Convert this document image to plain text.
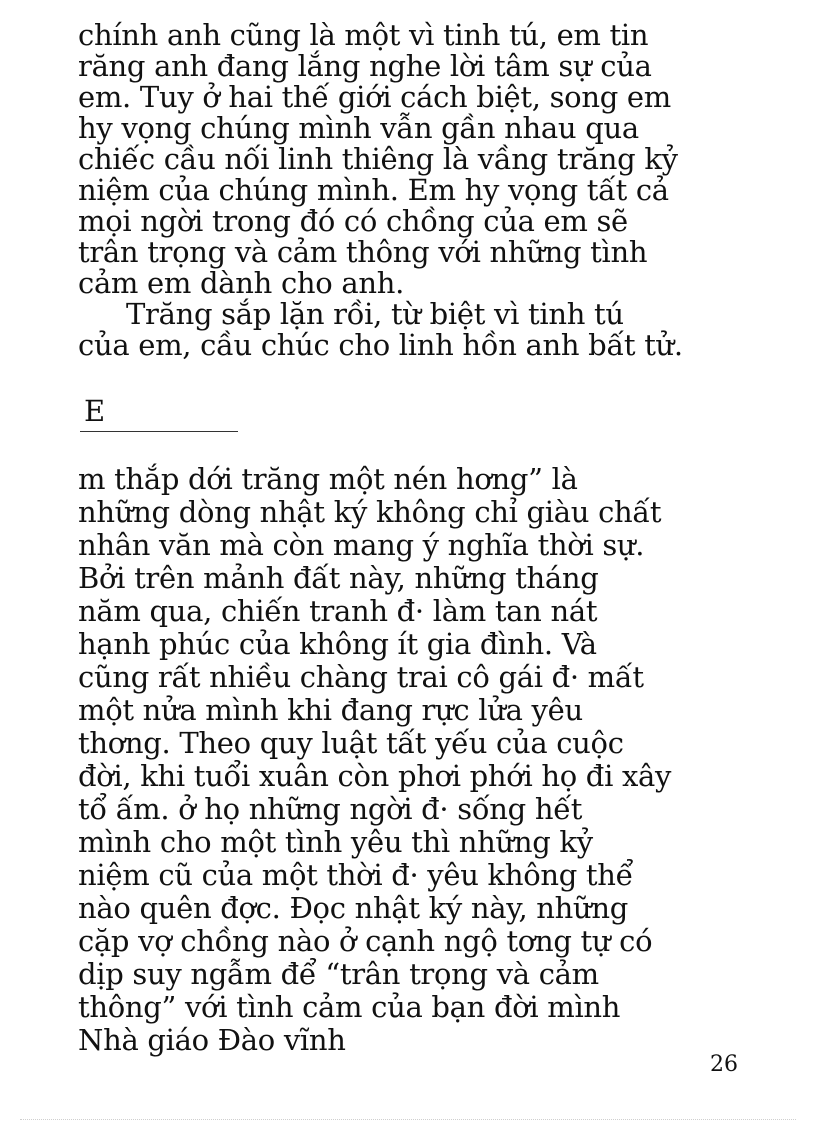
chính anh cũng là một vì tinh tú, em tin
răng anh đang lắng nghe lời tâm sự của
em. Tuy ở hai thế giới cách biệt, song em
hy vọng chúng mình vẫn gần nhau qua
chiếc cầu nối linh thiêng là vầng trăng kỷ
niệm của chúng mình. Em hy vọng tất cả
mọi ngời trong đó có chồng của em sẽ
trân trọng và cảm thông với những tình
cảm em dành cho anh.
Trăng sắp lặn rồi, từ biệt vì tinh tú
của em, cầu chúc cho linh hồn anh bất tử.
E
m thắp dới trăng một nén hơng” là
những dòng nhật ký không chỉ giàu chất
nhân văn mà còn mang ý nghĩa thời sự.
Bởi trên mảnh đất này, những tháng
năm qua, chiến tranh đ· làm tan nát
hạnh phúc của không ít gia đình. Và
cũng rất nhiều chàng trai cô gái đ· mất
một nửa mình khi đang rực lửa yêu
thơng. Theo quy luật tất yếu của cuộc
đời, khi tuổi xuân còn phơi phới họ đi xây
tổ ấm. ở họ những ngời đ· sống hết
mình cho một tình yêu thì những kỷ
niệm cũ của một thời đ· yêu không thể
nào quên đợc. Đọc nhật ký này, những
cặp vợ chồng nào ở cạnh ngộ tơng tự có
dịp suy ngẫm để “trân trọng và cảm
thông” với tình cảm của bạn đời mình
Nhà giáo Đào vĩnh
26
